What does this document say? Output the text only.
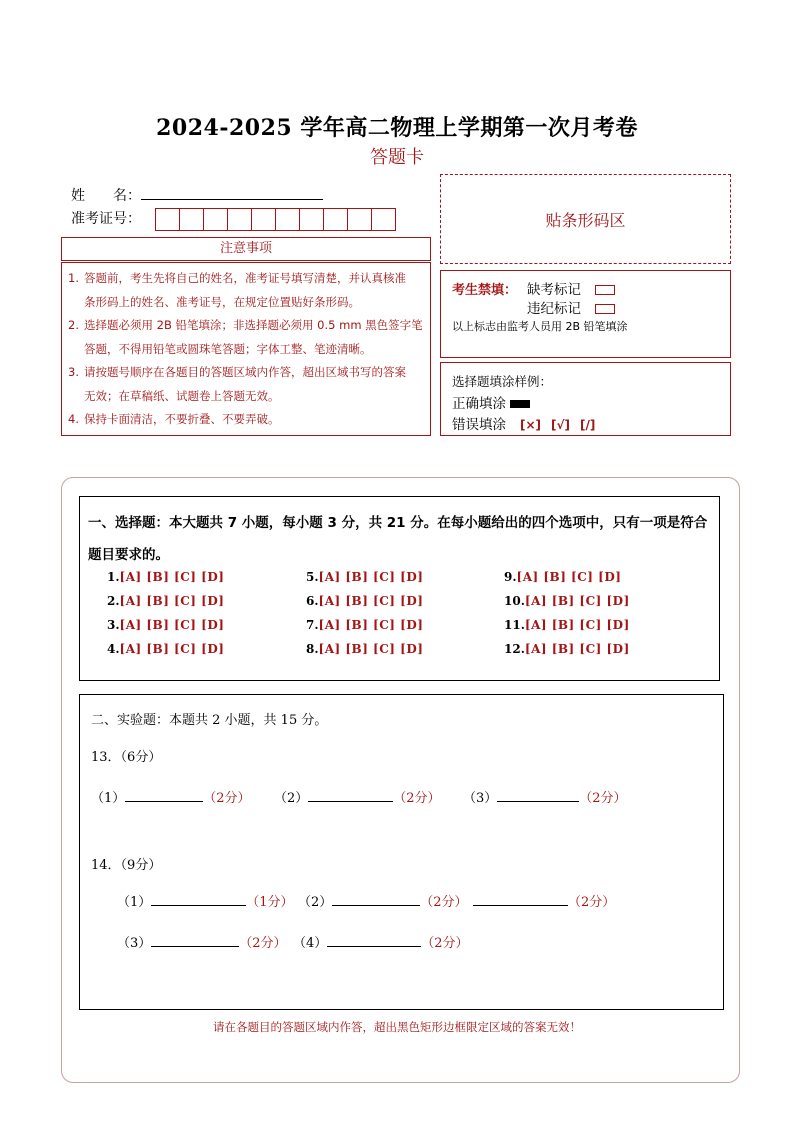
2024-2025 学年高二物理上学期第一次月考卷
答题卡
姓　　名：
准考证号：	贴条形码区
注意事项
1. 答题前，考生先将自己的姓名，准考证号填写清楚，并认真核准
条形码上的姓名、准考证号，在规定位置贴好条形码。
2. 选择题必须用 2B 铅笔填涂；非选择题必须用 0.5 mm 黑色签字笔
答题，不得用铅笔或圆珠笔答题；字体工整、笔迹清晰。
3. 请按题号顺序在各题目的答题区域内作答，超出区域书写的答案
无效；在草稿纸、试题卷上答题无效。
4. 保持卡面清洁，不要折叠、不要弄破。
考生禁填： 缺考标记
违纪标记
以上标志由监考人员用 2B 铅笔填涂
选择题填涂样例：
正确填涂
错误填涂 [×] [√] [/]
一、选择题：本大题共 7 小题，每小题 3 分，共 21 分。在每小题给出的四个选项中，只有一项是符合题目要求的。
1.[A] [B] [C] [D]
2.[A] [B] [C] [D]
3.[A] [B] [C] [D]
4.[A] [B] [C] [D]
5.[A] [B] [C] [D]
6.[A] [B] [C] [D]
7.[A] [B] [C] [D]
8.[A] [B] [C] [D]
9.[A] [B] [C] [D]
10.[A] [B] [C] [D]
11.[A] [B] [C] [D]
12.[A] [B] [C] [D]
二、实验题：本题共 2 小题，共 15 分。
13．（6分）
（1）	（2分） （2）	（2分） （3）	（2分）
14．（9分）
（1）	（1分） （2）	（2分）	（2分）
（3）	（2分） （4）	（2分）
请在各题目的答题区域内作答，超出黑色矩形边框限定区域的答案无效！
